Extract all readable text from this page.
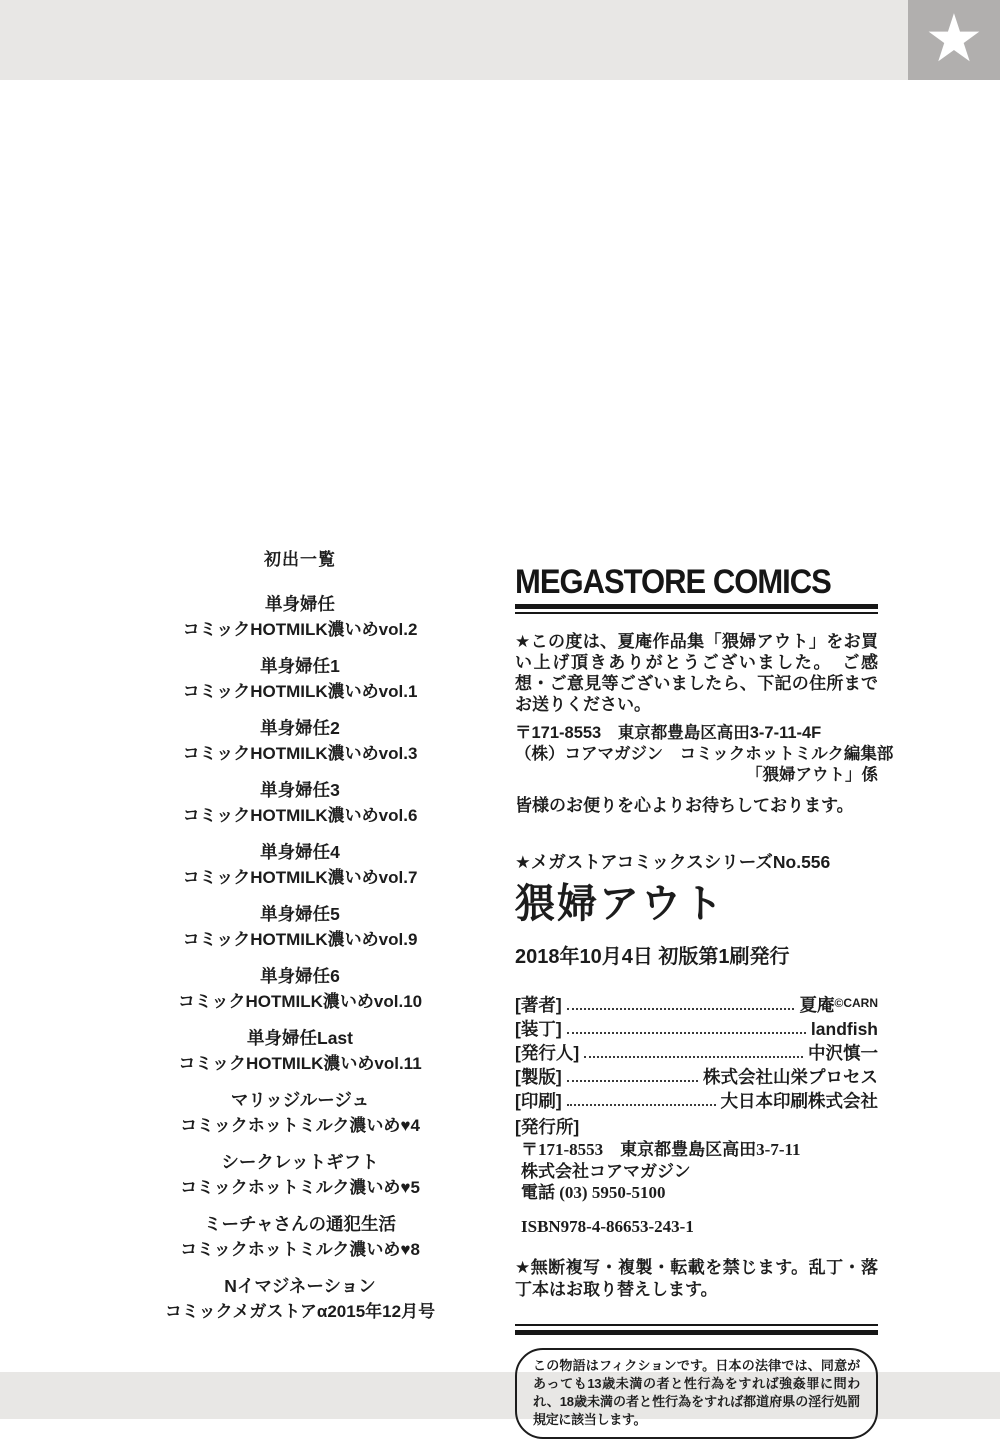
★
初出一覧
単身婦任
コミックHOTMILK濃いめvol.2
単身婦任1
コミックHOTMILK濃いめvol.1
単身婦任2
コミックHOTMILK濃いめvol.3
単身婦任3
コミックHOTMILK濃いめvol.6
単身婦任4
コミックHOTMILK濃いめvol.7
単身婦任5
コミックHOTMILK濃いめvol.9
単身婦任6
コミックHOTMILK濃いめvol.10
単身婦任Last
コミックHOTMILK濃いめvol.11
マリッジルージュ
コミックホットミルク濃いめ♥4
シークレットギフト
コミックホットミルク濃いめ♥5
ミーチャさんの通犯生活
コミックホットミルク濃いめ♥8
Nイマジネーション
コミックメガストアα2015年12月号
MEGASTORE COMICS
★この度は、夏庵作品集「猥婦アウト」をお買い上げ頂きありがとうございました。　ご感想・ご意見等ございましたら、下記の住所までお送りください。
〒171-8553　東京都豊島区高田3-7-11-4F
（株）コアマガジン　コミックホットミルク編集部
「猥婦アウト」係
皆様のお便りを心よりお待ちしております。
★メガストアコミックスシリーズNo.556
猥婦アウト
2018年10月4日 初版第1刷発行
[著者]	夏庵 ©CARN
[装丁]	landfish
[発行人]	中沢慎一
[製版]	株式会社山栄プロセス
[印刷]	大日本印刷株式会社
[発行所]
〒171-8553　東京都豊島区高田3-7-11
株式会社コアマガジン
電話 (03) 5950-5100
ISBN978-4-86653-243-1
★無断複写・複製・転載を禁じます。乱丁・落丁本はお取り替えします。
この物語はフィクションです。日本の法律では、同意があっても13歳未満の者と性行為をすれば強姦罪に問われ、18歳未満の者と性行為をすれば都道府県の淫行処罰規定に該当します。
